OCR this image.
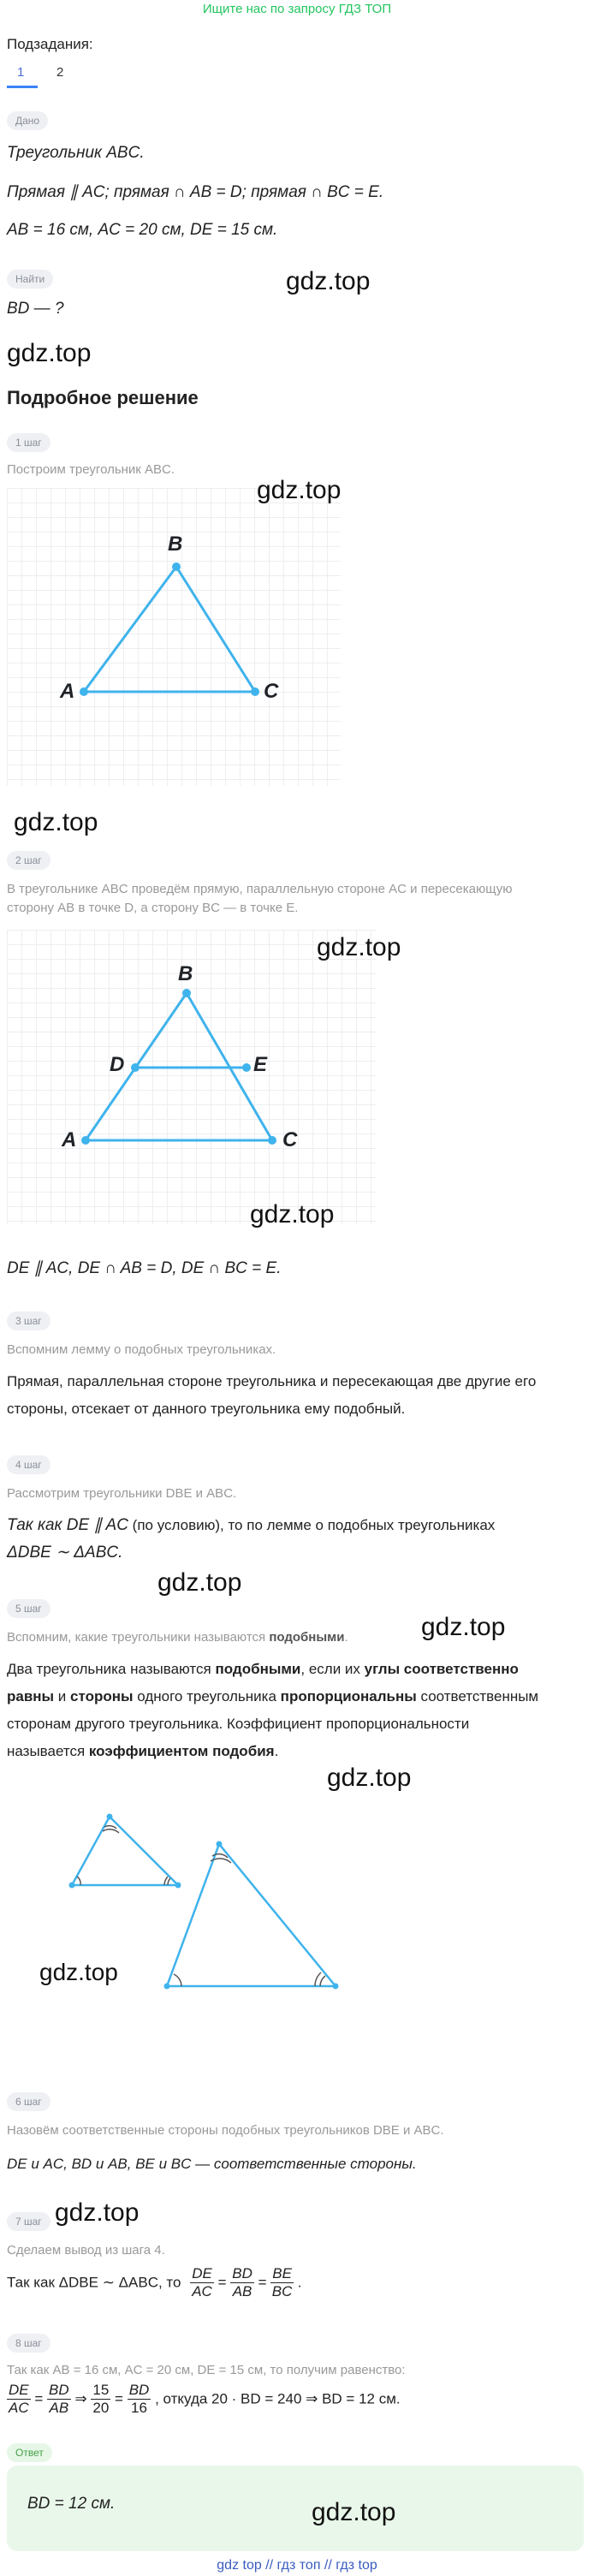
Ищите нас по запросу ГДЗ ТОП
Подзадания:
1	2
Дано
Треугольник ABC.
Прямая ∥ AC; прямая ∩ AB = D; прямая ∩ BC = E.
AB = 16 см, AC = 20 см, DE = 15 см.
Найти
BD — ?
gdz.top
gdz.top
Подробное решение
1 шаг
Построим треугольник ABC.
B
A	C
gdz.top
gdz.top
2 шаг
В треугольнике ABC проведём прямую, параллельную стороне AC и пересекающую
сторону AB в точке D, а сторону BC — в точке E.
B
D	E
A	C
gdz.top
gdz.top
DE ∥ AC, DE ∩ AB = D, DE ∩ BC = E.
3 шаг
Вспомним лемму о подобных треугольниках.
Прямая, параллельная стороне треугольника и пересекающая две другие его
стороны, отсекает от данного треугольника ему подобный.
4 шаг
Рассмотрим треугольники DBE и ABC.
Так как DE ∥ AC (по условию), то по лемме о подобных треугольниках
ΔDBE ∼ ΔABC.
gdz.top
5 шаг
gdz.top
Вспомним, какие треугольники называются подобными.
Два треугольника называются подобными, если их углы соответственно
равны и стороны одного треугольника пропорциональны соответственным
сторонам другого треугольника. Коэффициент пропорциональности
называется коэффициентом подобия.
gdz.top
gdz.top
6 шаг
Назовём соответственные стороны подобных треугольников DBE и ABC.
DE и AC, BD и AB, BE и BC — соответственные стороны.
7 шаг gdz.top
Сделаем вывод из шага 4.
Так как ΔDBE ∼ ΔABC, то $\frac{DE}{AC} = \frac{BD}{AB} = \frac{BE}{BC}$ .
8 шаг
Так как AB = 16 см, AC = 20 см, DE = 15 см, то получим равенство:
$\frac{DE}{AC} = \frac{BD}{AB}$ ⇒ $\frac{15}{20} = \frac{BD}{16}$ , откуда 20 · BD = 240 ⇒ BD = 12 см.
Ответ
BD = 12 см.	gdz.top
gdz top // гдз топ // гдз top
